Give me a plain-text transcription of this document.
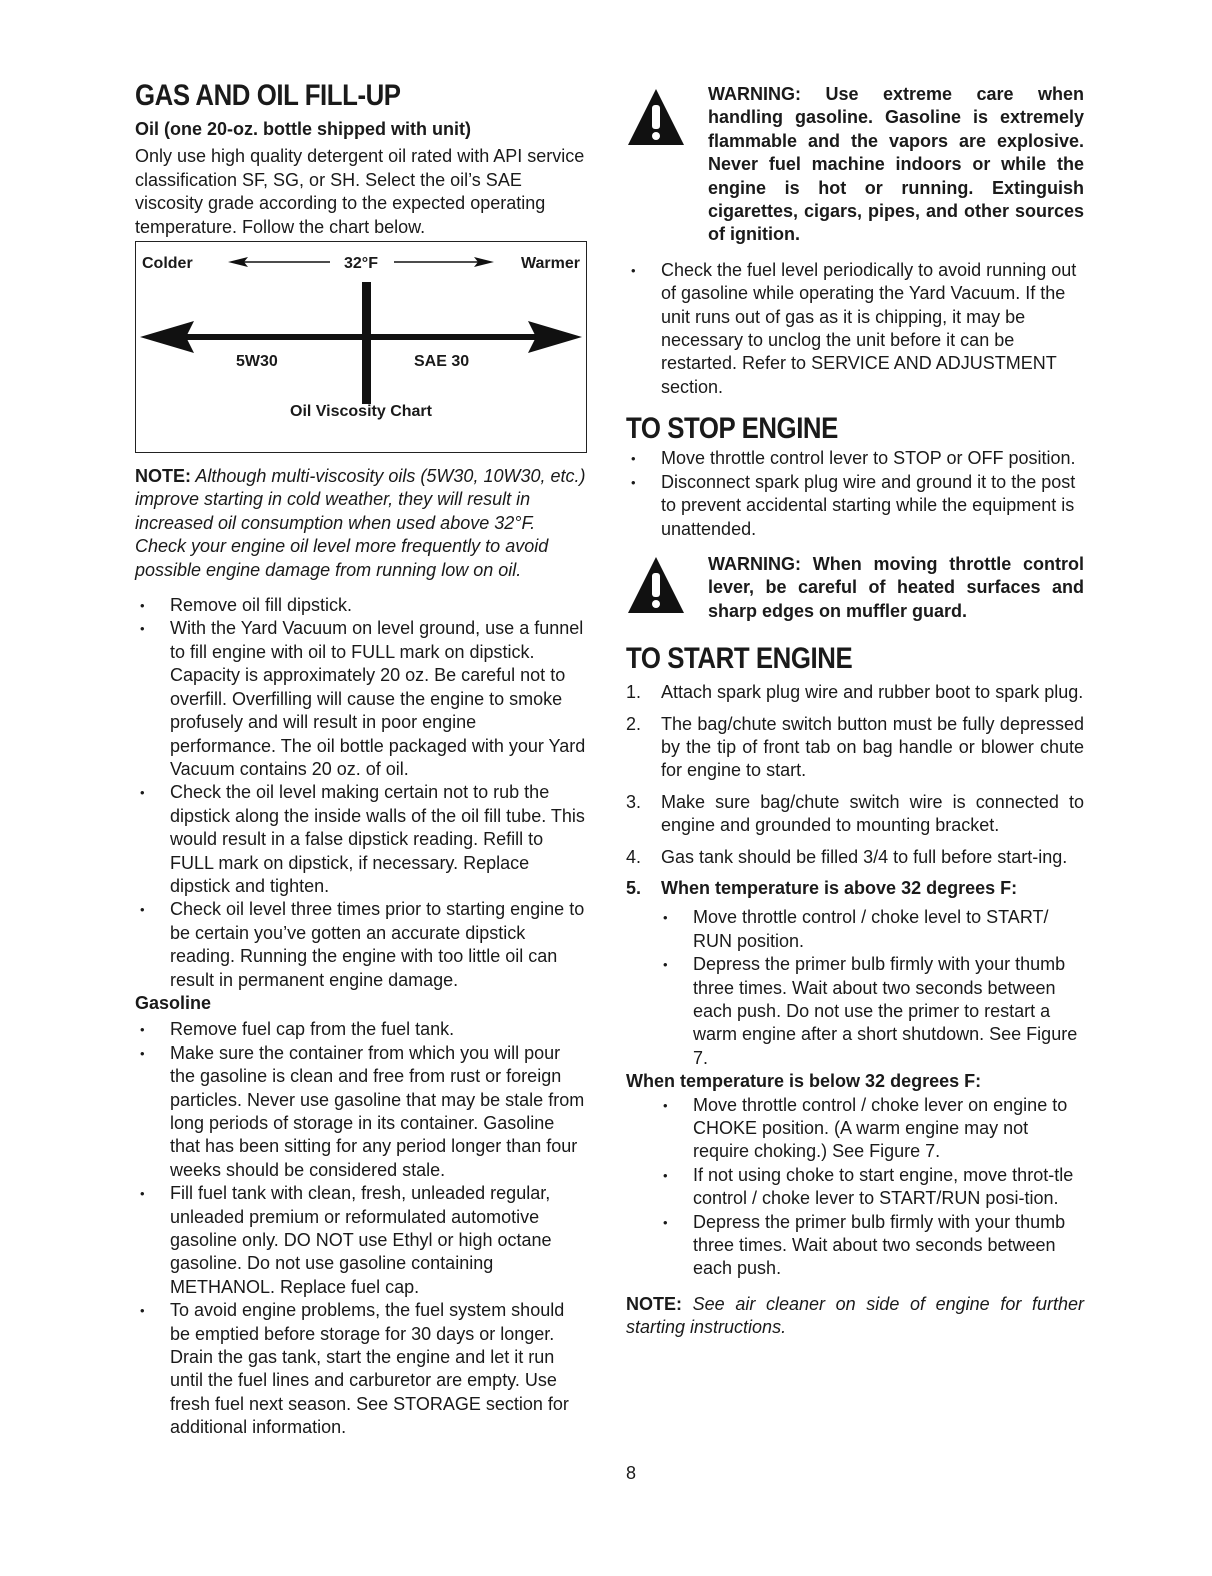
GAS AND OIL FILL-UP

Oil (one 20-oz. bottle shipped with unit)

Only use high quality detergent oil rated with API service classification SF, SG, or SH. Select the oil’s SAE viscosity grade according to the expected operating temperature. Follow the chart below.

Colder	32°F	Warmer
5W30	SAE 30
Oil Viscosity Chart

NOTE: Although multi-viscosity oils (5W30, 10W30, etc.) improve starting in cold weather, they will result in increased oil consumption when used above 32°F. Check your engine oil level more frequently to avoid possible engine damage from running low on oil.

• Remove oil fill dipstick.
• With the Yard Vacuum on level ground, use a funnel to fill engine with oil to FULL mark on dipstick. Capacity is approximately 20 oz. Be careful not to overfill. Overfilling will cause the engine to smoke profusely and will result in poor engine performance. The oil bottle packaged with your Yard Vacuum contains 20 oz. of oil.
• Check the oil level making certain not to rub the dipstick along the inside walls of the oil fill tube. This would result in a false dipstick reading. Refill to FULL mark on dipstick, if necessary. Replace dipstick and tighten.
• Check oil level three times prior to starting engine to be certain you’ve gotten an accurate dipstick reading. Running the engine with too little oil can result in permanent engine damage.

Gasoline

• Remove fuel cap from the fuel tank.
• Make sure the container from which you will pour the gasoline is clean and free from rust or foreign particles. Never use gasoline that may be stale from long periods of storage in its container. Gasoline that has been sitting for any period longer than four weeks should be considered stale.
• Fill fuel tank with clean, fresh, unleaded regular, unleaded premium or reformulated automotive gasoline only. DO NOT use Ethyl or high octane gasoline. Do not use gasoline containing METHANOL. Replace fuel cap.
• To avoid engine problems, the fuel system should be emptied before storage for 30 days or longer. Drain the gas tank, start the engine and let it run until the fuel lines and carburetor are empty. Use fresh fuel next season. See STORAGE section for additional information.

WARNING: Use extreme care when handling gasoline. Gasoline is extremely flammable and the vapors are explosive. Never fuel machine indoors or while the engine is hot or running. Extinguish cigarettes, cigars, pipes, and other sources of ignition.

• Check the fuel level periodically to avoid running out of gasoline while operating the Yard Vacuum. If the unit runs out of gas as it is chipping, it may be necessary to unclog the unit before it can be restarted. Refer to SERVICE AND ADJUSTMENT section.
TO STOP ENGINE
• Move throttle control lever to STOP or OFF position.
• Disconnect spark plug wire and ground it to the post to prevent accidental starting while the equipment is unattended.

WARNING: When moving throttle control lever, be careful of heated surfaces and sharp edges on muffler guard.

TO START ENGINE
1. Attach spark plug wire and rubber boot to spark plug.
2. The bag/chute switch button must be fully depressed by the tip of front tab on bag handle or blower chute for engine to start.
3. Make sure bag/chute switch wire is connected to engine and grounded to mounting bracket.
4. Gas tank should be filled 3/4 to full before start-ing.
5. When temperature is above 32 degrees F:
• Move throttle control / choke level to START/ RUN position.
• Depress the primer bulb firmly with your thumb three times. Wait about two seconds between each push. Do not use the primer to restart a warm engine after a short shutdown. See Figure 7.

When temperature is below 32 degrees F:

• Move throttle control / choke lever on engine to CHOKE position. (A warm engine may not require choking.) See Figure 7.
• If not using choke to start engine, move throt-tle control / choke lever to START/RUN posi-tion.
• Depress the primer bulb firmly with your thumb three times. Wait about two seconds between each push.

NOTE: See air cleaner on side of engine for further starting instructions.

8
